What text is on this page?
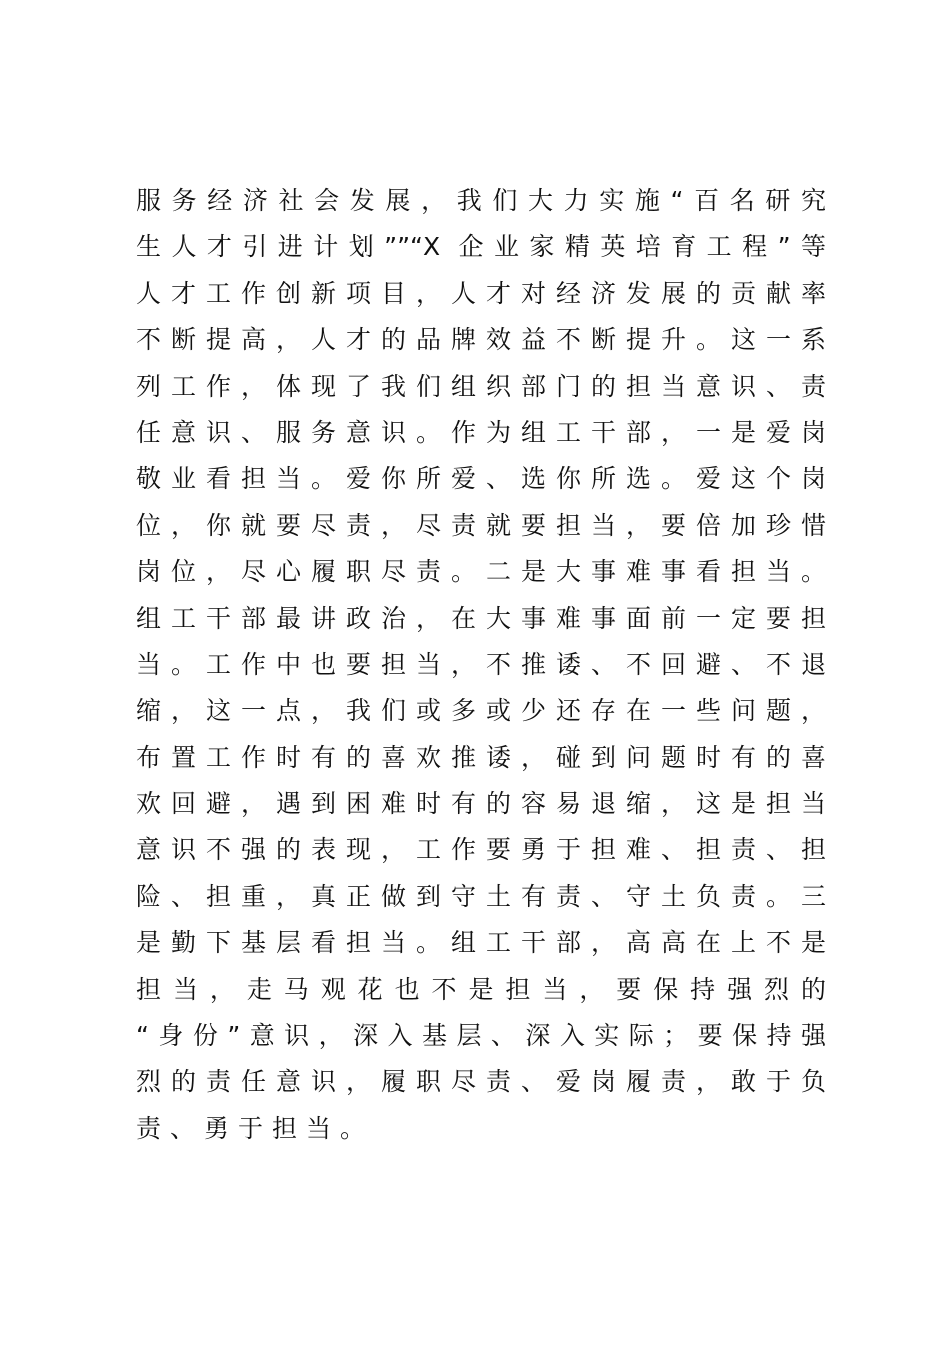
服务经济社会发展，我们大力实施“百名研究
生人才引进计划””“X 企业家精英培育工程”等
人才工作创新项目，人才对经济发展的贡献率
不断提高，人才的品牌效益不断提升。这一系
列工作，体现了我们组织部门的担当意识、责
任意识、服务意识。作为组工干部，一是爱岗
敬业看担当。爱你所爱、选你所选。爱这个岗
位，你就要尽责，尽责就要担当，要倍加珍惜
岗位，尽心履职尽责。二是大事难事看担当。
组工干部最讲政治，在大事难事面前一定要担
当。工作中也要担当，不推诿、不回避、不退
缩，这一点，我们或多或少还存在一些问题，
布置工作时有的喜欢推诿，碰到问题时有的喜
欢回避，遇到困难时有的容易退缩，这是担当
意识不强的表现，工作要勇于担难、担责、担
险、担重，真正做到守土有责、守土负责。三
是勤下基层看担当。组工干部，高高在上不是
担当，走马观花也不是担当，要保持强烈的
“身份”意识，深入基层、深入实际；要保持强
烈的责任意识，履职尽责、爱岗履责，敢于负
责、勇于担当。
